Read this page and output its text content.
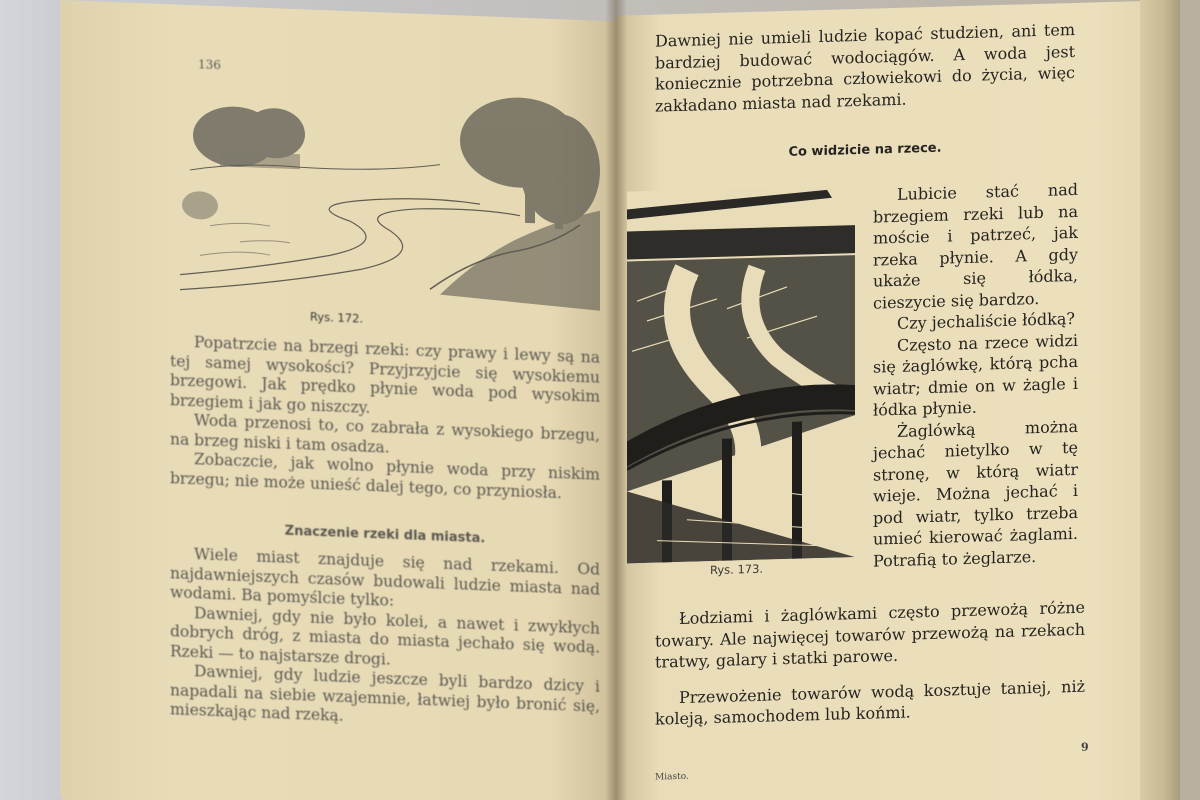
136
Rys. 172.

Popatrzcie na brzegi rzeki: czy prawy i lewy są na tej samej wysokości? Przyjrzyjcie się wysokiemu brzegowi. Jak prędko płynie woda pod wysokim brzegiem i jak go niszczy.

Woda przenosi to, co zabrała z wysokiego brzegu, na brzeg niski i tam osadza.

Zobaczcie, jak wolno płynie woda przy niskim brzegu; nie może unieść dalej tego, co przyniosła.

Znaczenie rzeki dla miasta.

Wiele miast znajduje się nad rzekami. Od najdawniejszych czasów budowali ludzie miasta nad wodami. Ba pomyślcie tylko:

Dawniej, gdy nie było kolei, a nawet i zwykłych dobrych dróg, z miasta do miasta jechało się wodą. Rzeki — to najstarsze drogi.

Dawniej, gdy ludzie jeszcze byli bardzo dzicy i napadali na siebie wzajemnie, łatwiej było bronić się, mieszkając nad rzeką.

Dawniej nie umieli ludzie kopać studzien, ani tem bardziej budować wodociągów. A woda jest koniecznie potrzebna człowiekowi do życia, więc zakładano miasta nad rzekami.

Co widzicie na rzece.
Rys. 173.

Lubicie stać nad brzegiem rzeki lub na moście i patrzeć, jak rzeka płynie. A gdy ukaże się łódka, cieszycie się bardzo.

Czy jechaliście łódką?

Często na rzece widzi się żaglówkę, którą pcha wiatr; dmie on w żagle i łódka płynie.

Żaglówką można jechać nietylko w tę stronę, w którą wiatr wieje. Można jechać i pod wiatr, tylko trzeba umieć kierować żaglami. Potrafią to żeglarze.

Łodziami i żaglówkami często przewożą różne towary. Ale najwięcej towarów przewożą na rzekach tratwy, galary i statki parowe.

Przewożenie towarów wodą kosztuje taniej, niż koleją, samochodem lub końmi.

Miasto.
9
